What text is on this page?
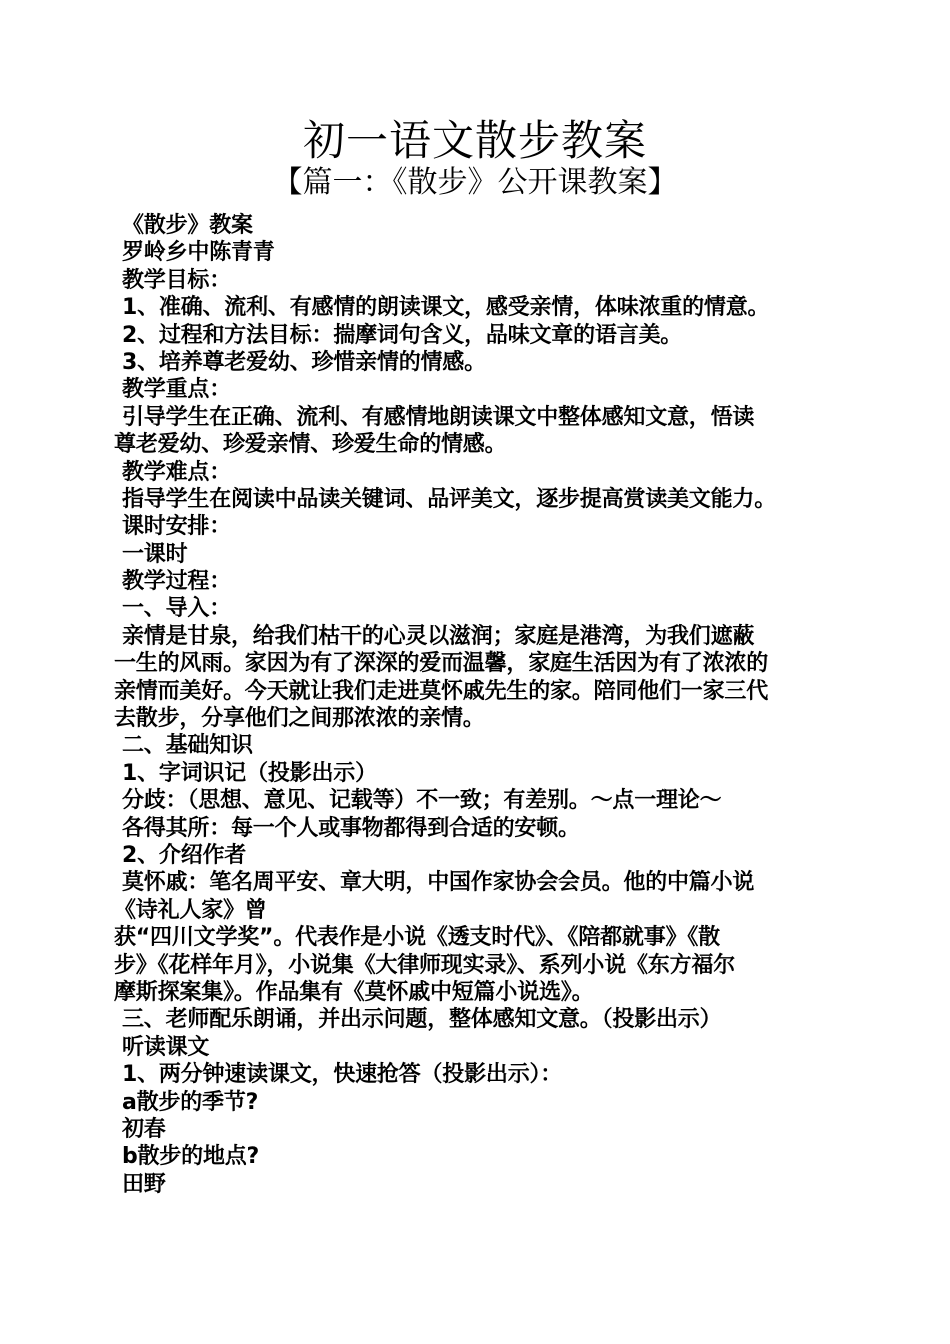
初一语文散步教案
【篇一：《散步》公开课教案】
《散步》教案
罗岭乡中陈青青
教学目标：
1、准确、流利、有感情的朗读课文，感受亲情，体味浓重的情意。
2、过程和方法目标：揣摩词句含义，品味文章的语言美。
3、培养尊老爱幼、珍惜亲情的情感。
教学重点：
引导学生在正确、流利、有感情地朗读课文中整体感知文意，悟读
尊老爱幼、珍爱亲情、珍爱生命的情感。
教学难点：
指导学生在阅读中品读关键词、品评美文，逐步提高赏读美文能力。
课时安排：
一课时
教学过程：
一、导入：
亲情是甘泉，给我们枯干的心灵以滋润；家庭是港湾，为我们遮蔽
一生的风雨。家因为有了深深的爱而温馨，家庭生活因为有了浓浓的
亲情而美好。今天就让我们走进莫怀戚先生的家。陪同他们一家三代
去散步，分享他们之间那浓浓的亲情。
二、基础知识
1、字词识记（投影出示）
分歧：（思想、意见、记载等）不一致；有差别。～点一理论～
各得其所：每一个人或事物都得到合适的安顿。
2、介绍作者
莫怀戚：笔名周平安、章大明，中国作家协会会员。他的中篇小说
《诗礼人家》曾
获“四川文学奖”。代表作是小说《透支时代》、《陪都就事》《散
步》《花样年月》，小说集《大律师现实录》、系列小说《东方福尔
摩斯探案集》。作品集有《莫怀戚中短篇小说选》。
三、老师配乐朗诵，并出示问题，整体感知文意。（投影出示）
听读课文
1、两分钟速读课文，快速抢答（投影出示）：
a散步的季节?
初春
b散步的地点?
田野
